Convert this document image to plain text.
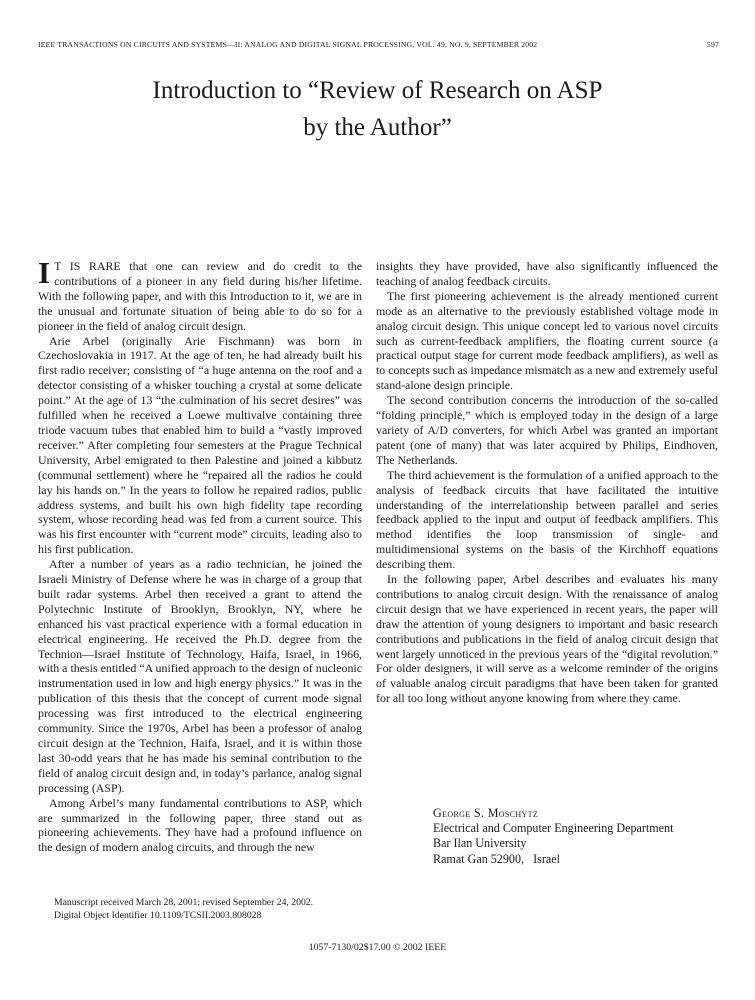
IEEE TRANSACTIONS ON CIRCUITS AND SYSTEMS—II: ANALOG AND DIGITAL SIGNAL PROCESSING, VOL. 49, NO. 9, SEPTEMBER 2002	597
Introduction to “Review of Research on ASP
by the Author”

I T IS RARE that one can review and do credit to the contributions of a pioneer in any field during his/her lifetime. With the following paper, and with this Introduction to it, we are in the unusual and fortunate situation of being able to do so for a pioneer in the field of analog circuit design.

Arie Arbel (originally Arie Fischmann) was born in Czechoslovakia in 1917. At the age of ten, he had already built his first radio receiver; consisting of “a huge antenna on the roof and a detector consisting of a whisker touching a crystal at some delicate point.” At the age of 13 “the culmination of his secret desires” was fulfilled when he received a Loewe multivalve containing three triode vacuum tubes that enabled him to build a “vastly improved receiver.” After completing four semesters at the Prague Technical University, Arbel emigrated to then Palestine and joined a kibbutz (communal settlement) where he “repaired all the radios he could lay his hands on.” In the years to follow he repaired radios, public address systems, and built his own high fidelity tape recording system, whose recording head was fed from a current source. This was his first encounter with “current mode” circuits, leading also to his first publication.

After a number of years as a radio technician, he joined the Israeli Ministry of Defense where he was in charge of a group that built radar systems. Arbel then received a grant to attend the Polytechnic Institute of Brooklyn, Brooklyn, NY, where he enhanced his vast practical experience with a formal education in electrical engineering. He received the Ph.D. degree from the Technion—Israel Institute of Technology, Haifa, Israel, in 1966, with a thesis entitled “A unified approach to the design of nucleonic instrumentation used in low and high energy physics.” It was in the publication of this thesis that the concept of current mode signal processing was first introduced to the electrical engineering community. Since the 1970s, Arbel has been a professor of analog circuit design at the Technion, Haifa, Israel, and it is within those last 30-odd years that he has made his seminal contribution to the field of analog circuit design and, in today’s parlance, analog signal processing (ASP).

Among Arbel’s many fundamental contributions to ASP, which are summarized in the following paper, three stand out as pioneering achievements. They have had a profound influence on the design of modern analog circuits, and through the new

insights they have provided, have also significantly influenced the teaching of analog feedback circuits.

The first pioneering achievement is the already mentioned current mode as an alternative to the previously established voltage mode in analog circuit design. This unique concept led to various novel circuits such as current-feedback amplifiers, the floating current source (a practical output stage for current mode feedback amplifiers), as well as to concepts such as impedance mismatch as a new and extremely useful stand-alone design principle.

The second contribution concerns the introduction of the so-called “folding principle,” which is employed today in the design of a large variety of A/D converters, for which Arbel was granted an important patent (one of many) that was later acquired by Philips, Eindhoven, The Netherlands.

The third achievement is the formulation of a unified approach to the analysis of feedback circuits that have facilitated the intuitive understanding of the interrelationship between parallel and series feedback applied to the input and output of feedback amplifiers. This method identifies the loop transmission of single- and multidimensional systems on the basis of the Kirchhoff equations describing them.

In the following paper, Arbel describes and evaluates his many contributions to analog circuit design. With the renaissance of analog circuit design that we have experienced in recent years, the paper will draw the attention of young designers to important and basic research contributions and publications in the field of analog circuit design that went largely unnoticed in the previous years of the “digital revolution.” For older designers, it will serve as a welcome reminder of the origins of valuable analog circuit paradigms that have been taken for granted for all too long without anyone knowing from where they came.

George S. Moschytz
Electrical and Computer Engineering Department
Bar Ilan University
Ramat Gan 52900,   Israel
Manuscript received March 28, 2001; revised September 24, 2002.
Digital Object Identifier 10.1109/TCSII.2003.808028
1057-7130/02$17.00 © 2002 IEEE
